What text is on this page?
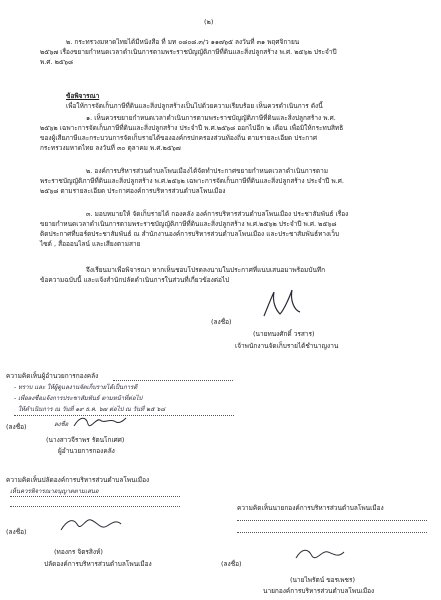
(๒)
๒. กระทรวงมหาดไทยได้มีหนังสือ ที่ มท ๐๘๐๘.๓/ว ๑๑๗๖๕ ลงวันที่ ๓๑ พฤศจิกายน
๒๕๖๗ เรื่องขยายกำหนดเวลาดำเนินการตามพระราชบัญญัติภาษีที่ดินและสิ่งปลูกสร้าง พ.ศ. ๒๕๖๒ ประจำปี
พ.ศ. ๒๕๖๘
ข้อพิจารณา
เพื่อให้การจัดเก็บภาษีที่ดินและสิ่งปลูกสร้างเป็นไปด้วยความเรียบร้อย เห็นควรดำเนินการ ดังนี้
๑. เห็นควรขยายกำหนดเวลาดำเนินการตามพระราชบัญญัติภาษีที่ดินและสิ่งปลูกสร้าง พ.ศ.
๒๕๖๒ เฉพาะการจัดเก็บภาษีที่ดินและสิ่งปลูกสร้าง ประจำปี พ.ศ.๒๕๖๘ ออกไปอีก ๒ เดือน เพื่อมิให้กระทบสิทธิ
ของผู้เสียภาษีและกระบวนการจัดเก็บรายได้ขององค์กรปกครองส่วนท้องถิ่น ตามรายละเอียด ประกาศ
กระทรวงมหาดไทย ลงวันที่ ๓๐ ตุลาคม พ.ศ.๒๕๖๗
๒. องค์การบริหารส่วนตำบลโพนเมืองได้จัดทำประกาศขยายกำหนดเวลาดำเนินการตาม
พระราชบัญญัติภาษีที่ดินและสิ่งปลูกสร้าง พ.ศ.๒๕๖๒ เฉพาะการจัดเก็บภาษีที่ดินและสิ่งปลูกสร้าง ประจำปี พ.ศ.
๒๕๖๘ ตามรายละเอียด ประกาศองค์การบริหารส่วนตำบลโพนเมือง
๓. มอบหมายให้ จัดเก็บรายได้ กองคลัง องค์การบริหารส่วนตำบลโพนเมือง ประชาสัมพันธ์ เรื่อง
ขยายกำหนดเวลาดำเนินการตามพระราชบัญญัติภาษีที่ดินและสิ่งปลูกสร้าง พ.ศ.๒๕๖๒ ประจำปี พ.ศ. ๒๕๖๘
ติดประกาศที่บอร์ดประชาสัมพันธ์ ณ สำนักงานองค์การบริหารส่วนตำบลโพนเมือง และประชาสัมพันธ์ทางเว็บ
ไซต์ , สื่อออนไลน์ และเสียงตามสาย
จึงเรียนมาเพื่อพิจารณา หากเห็นชอบโปรดลงนามในประกาศที่แนบเสนอมาพร้อมบันทึก
ข้อความฉบับนี้ และแจ้งสำนักปลัดดำเนินการในส่วนที่เกี่ยวข้องต่อไป
(ลงชื่อ)
(นายทนงศักดิ์ วรสาร)
เจ้าพนักงานจัดเก็บรายได้ชำนาญงาน
ความคิดเห็นผู้อำนวยการกองคลัง
- ทราบ และ ให้ผู้ดูแลงานจัดเก็บรายได้เป็นการดี
- เพื่อลงชื่อแจ้งการประชาสัมพันธ์ ตามหน้าที่ต่อไป
ให้ดำเนินการ ณ วันที่ ๑๙ ธ.ค. ๖๗ ต่อไป ณ วันที่ ๒๕ ๖๘
(ลงชื่อ)	ลงชื่อ
(นางสาวจีราพร รัตนโกเศศ)
ผู้อำนวยการกองคลัง
ความคิดเห็นปลัดองค์การบริหารส่วนตำบลโพนเมือง
เห็นควรพิจารณาอนุญาตตามเสนอ
(ลงชื่อ)
(ทองกร จิตรสิงห์)
ปลัดองค์การบริหารส่วนตำบลโพนเมือง
ความคิดเห็นนายกองค์การบริหารส่วนตำบลโพนเมือง
(ลงชื่อ)
(นายไพรัตน์ ขอรเพชร)
นายกองค์การบริหารส่วนตำบลโพนเมือง
